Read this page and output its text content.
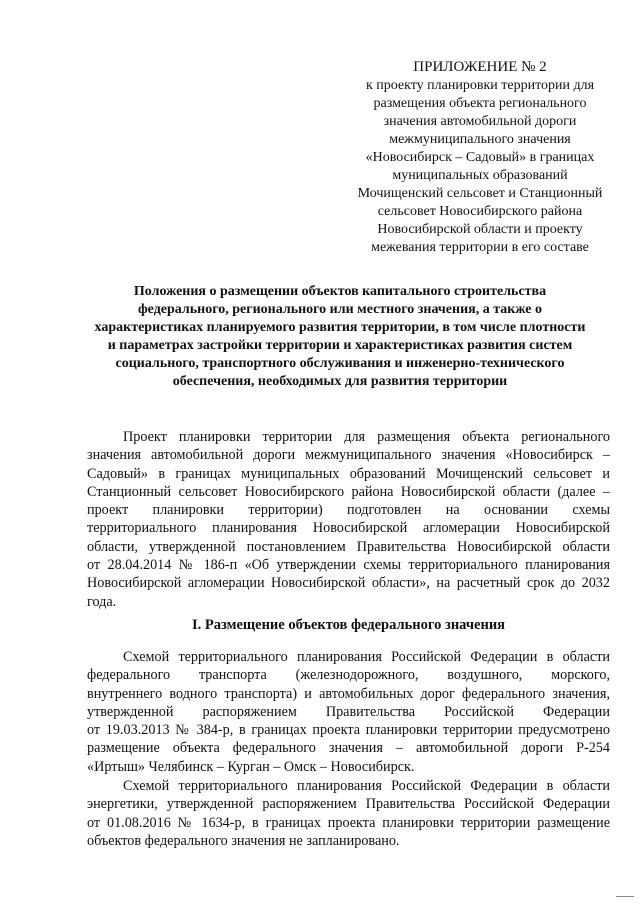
ПРИЛОЖЕНИЕ № 2
к проекту планировки территории для
размещения объекта регионального
значения автомобильной дороги
межмуниципального значения
«Новосибирск – Садовый» в границах
муниципальных образований
Мочищенский сельсовет и Станционный
сельсовет Новосибирского района
Новосибирской области и проекту
межевания территории в его составе
Положения о размещении объектов капитального строительства
федерального, регионального или местного значения, а также о
характеристиках планируемого развития территории, в том числе плотности
и параметрах застройки территории и характеристиках развития систем
социального, транспортного обслуживания и инженерно-технического
обеспечения, необходимых для развития территории
Проект планировки территории для размещения объекта регионального
значения автомобильной дороги межмуниципального значения «Новосибирск –
Садовый» в границах муниципальных образований Мочищенский сельсовет и
Станционный сельсовет Новосибирского района Новосибирской области (далее –
проект планировки территории) подготовлен на основании схемы
территориального планирования Новосибирской агломерации Новосибирской
области, утвержденной постановлением Правительства Новосибирской области
от 28.04.2014 № 186-п «Об утверждении схемы территориального планирования
Новосибирской агломерации Новосибирской области», на расчетный срок до 2032
года.
I. Размещение объектов федерального значения
Схемой территориального планирования Российской Федерации в области
федерального транспорта (железнодорожного, воздушного, морского,
внутреннего водного транспорта) и автомобильных дорог федерального значения,
утвержденной распоряжением Правительства Российской Федерации
от 19.03.2013 № 384-р, в границах проекта планировки территории предусмотрено
размещение объекта федерального значения – автомобильной дороги Р-254
«Иртыш» Челябинск – Курган – Омск – Новосибирск.
Схемой территориального планирования Российской Федерации в области
энергетики, утвержденной распоряжением Правительства Российской Федерации
от 01.08.2016 № 1634-р, в границах проекта планировки территории размещение
объектов федерального значения не запланировано.
